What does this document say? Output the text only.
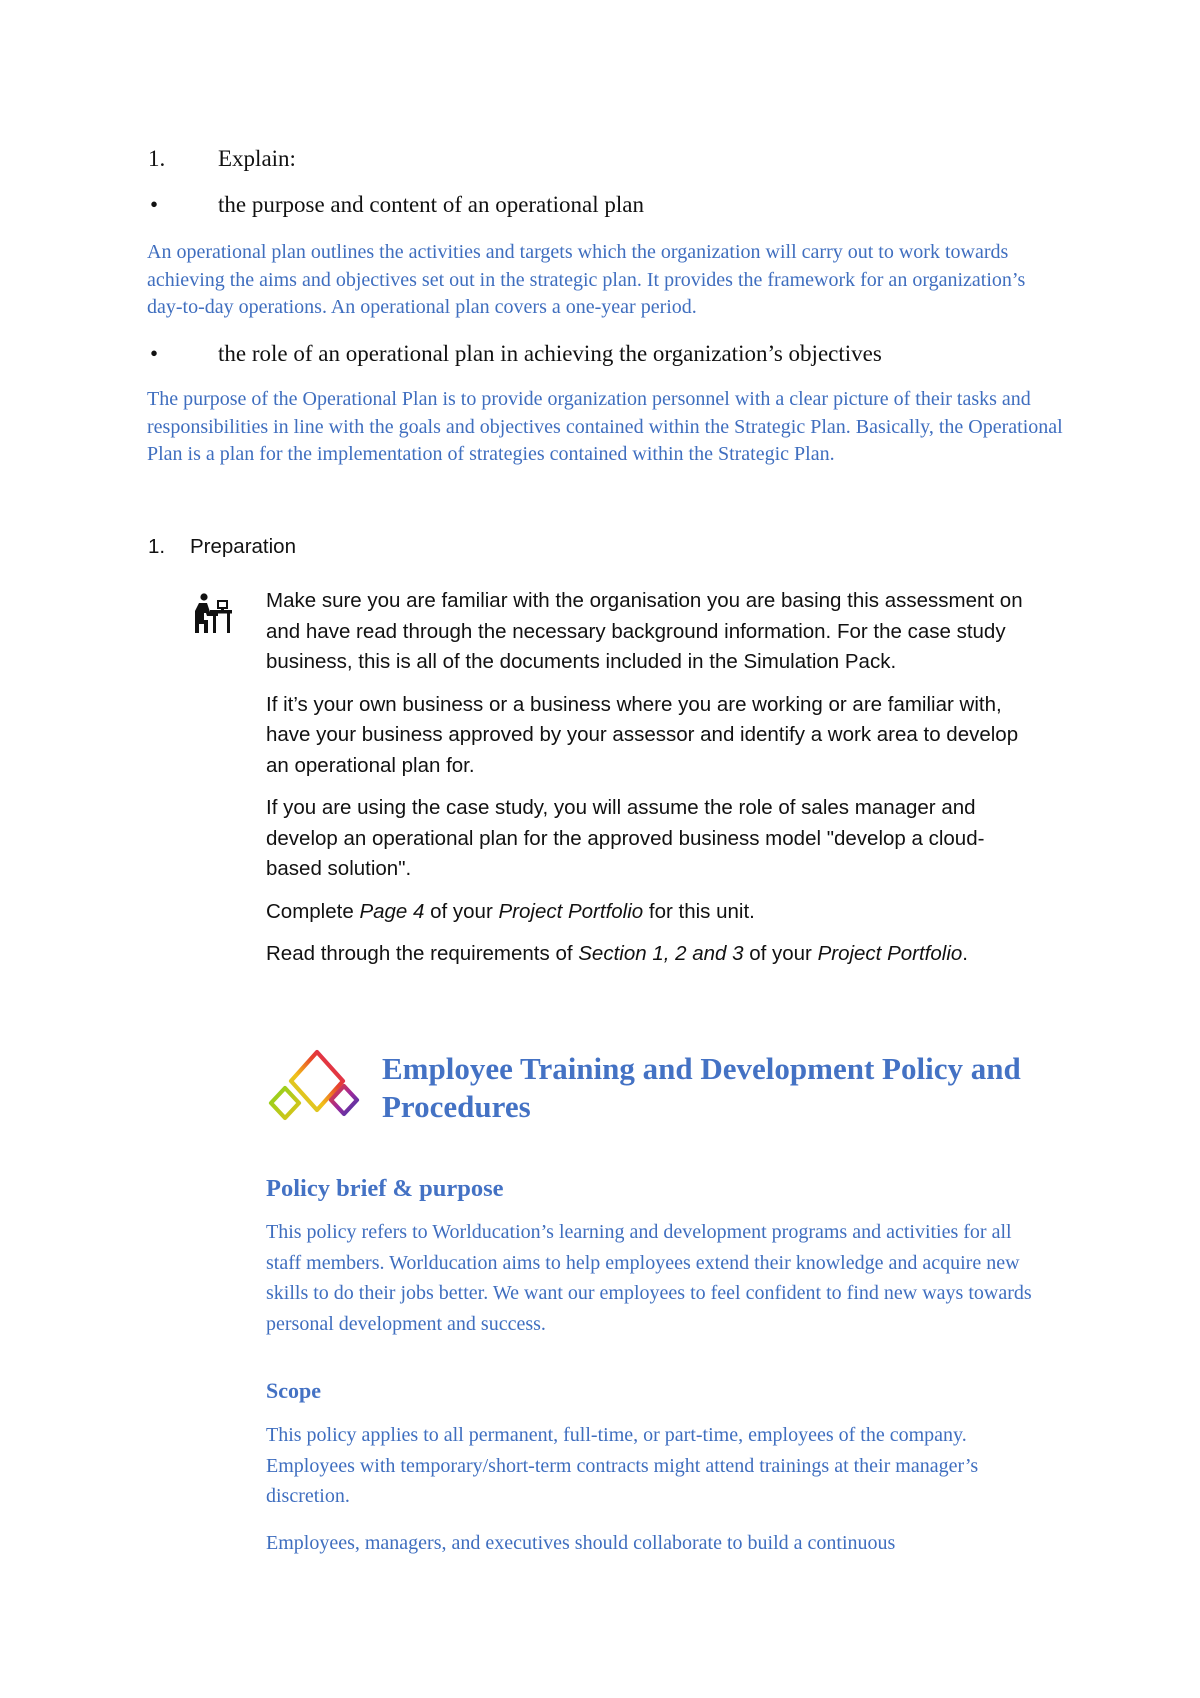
1. Explain:
•	the purpose and content of an operational plan
An operational plan outlines the activities and targets which the organization will carry out to work towards achieving the aims and objectives set out in the strategic plan. It provides the framework for an organization’s day-to-day operations. An operational plan covers a one-year period.
•	the role of an operational plan in achieving the organization’s objectives
The purpose of the Operational Plan is to provide organization personnel with a clear picture of their tasks and responsibilities in line with the goals and objectives contained within the Strategic Plan. Basically, the Operational Plan is a plan for the implementation of strategies contained within the Strategic Plan.
1. Preparation

Make sure you are familiar with the organisation you are basing this assessment on and have read through the necessary background information. For the case study business, this is all of the documents included in the Simulation Pack.

If it’s your own business or a business where you are working or are familiar with, have your business approved by your assessor and identify a work area to develop an operational plan for.

If you are using the case study, you will assume the role of sales manager and develop an operational plan for the approved business model "develop a cloud-based solution".

Complete Page 4 of your Project Portfolio for this unit.

Read through the requirements of Section 1, 2 and 3 of your Project Portfolio.

Employee Training and Development Policy and Procedures
Policy brief & purpose
This policy refers to Worlducation’s learning and development programs and activities for all staff members. Worlducation aims to help employees extend their knowledge and acquire new skills to do their jobs better. We want our employees to feel confident to find new ways towards personal development and success.
Scope
This policy applies to all permanent, full-time, or part-time, employees of the company. Employees with temporary/short-term contracts might attend trainings at their manager’s discretion.
Employees, managers, and executives should collaborate to build a continuous
